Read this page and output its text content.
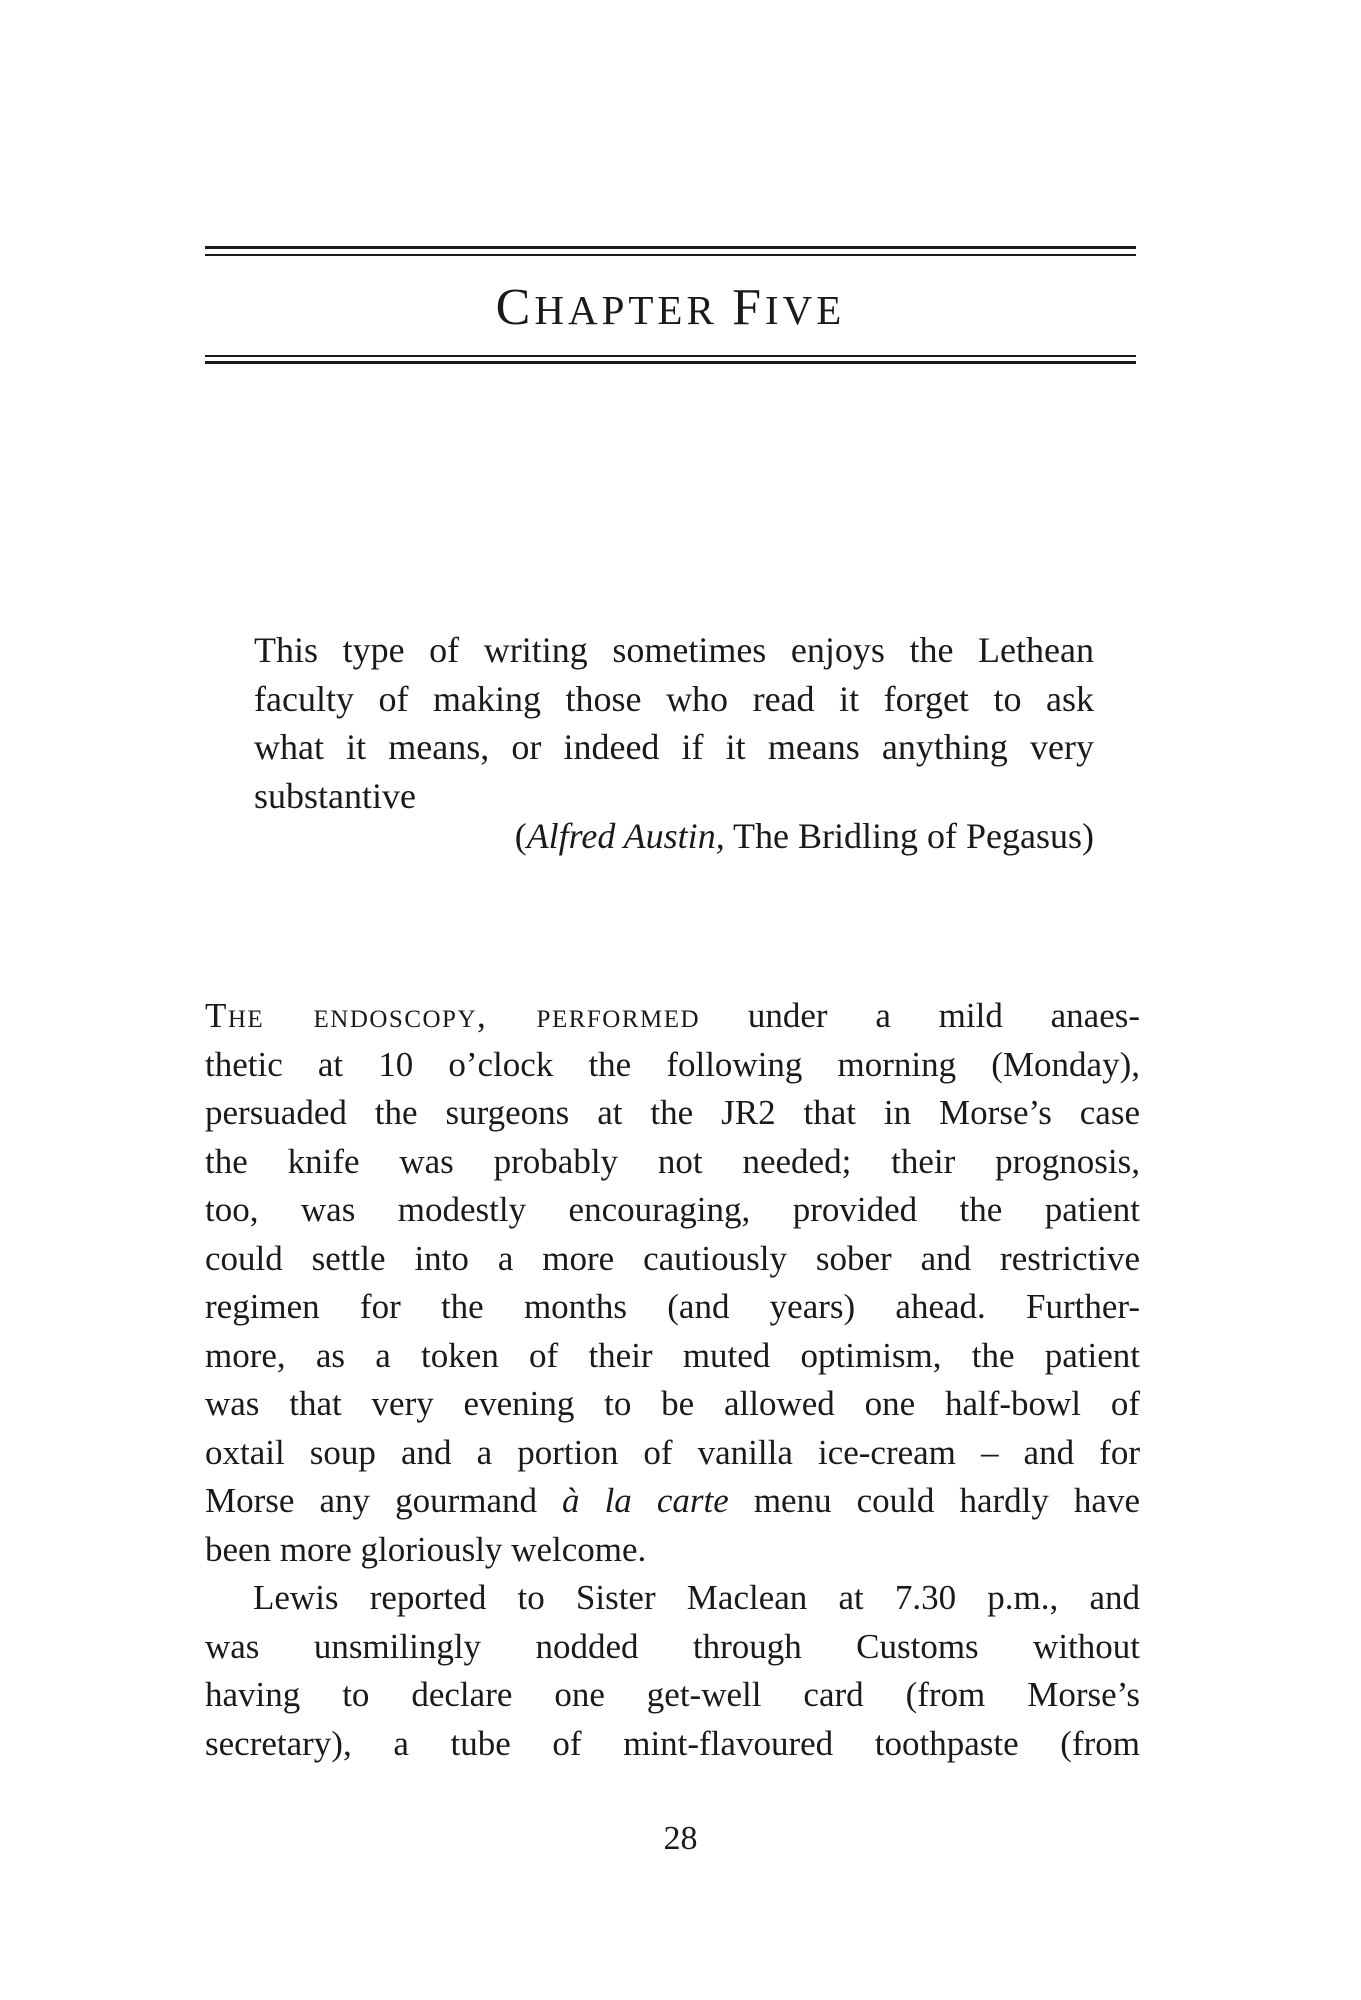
CHAPTER FIVE
This type of writing sometimes enjoys the Lethean
faculty of making those who read it forget to ask
what it means, or indeed if it means anything very
substantive
(Alfred Austin, The Bridling of Pegasus)
The endoscopy, performed under a mild anaes-
thetic at 10 o’clock the following morning (Monday),
persuaded the surgeons at the JR2 that in Morse’s case
the knife was probably not needed; their prognosis,
too, was modestly encouraging, provided the patient
could settle into a more cautiously sober and restrictive
regimen for the months (and years) ahead. Further-
more, as a token of their muted optimism, the patient
was that very evening to be allowed one half-bowl of
oxtail soup and a portion of vanilla ice-cream – and for
Morse any gourmand à la carte menu could hardly have
been more gloriously welcome.
Lewis reported to Sister Maclean at 7.30 p.m., and
was unsmilingly nodded through Customs without
having to declare one get-well card (from Morse’s
secretary), a tube of mint-flavoured toothpaste (from
28
